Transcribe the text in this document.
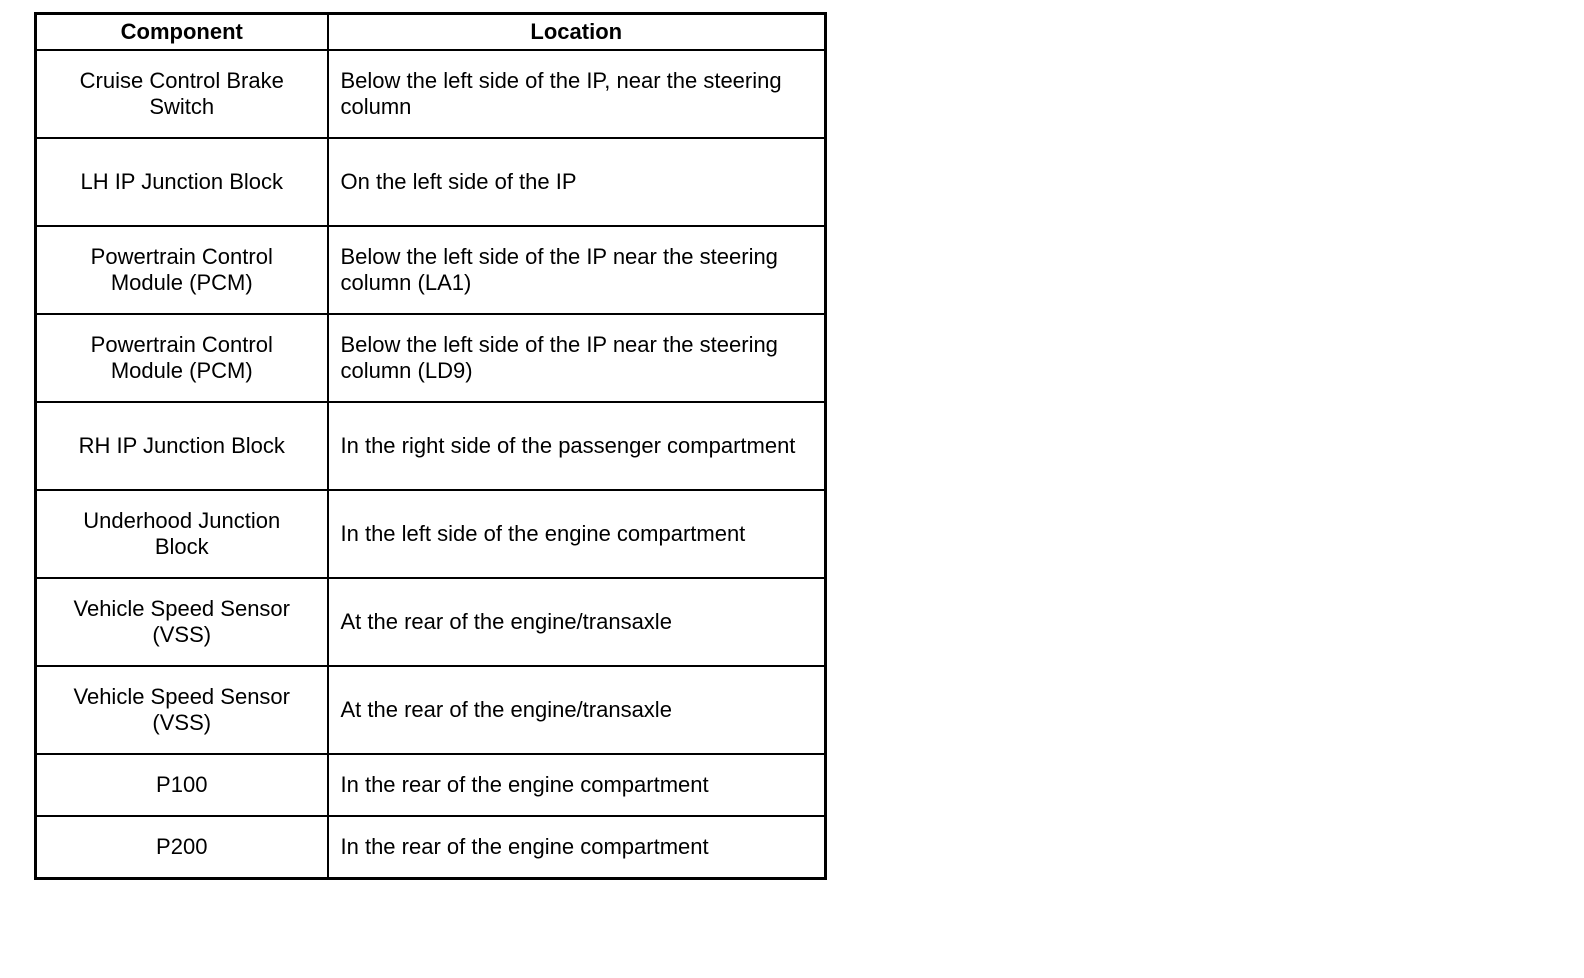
Component	Location
Cruise Control Brake Switch	Below the left side of the IP, near the steering column
LH IP Junction Block	On the left side of the IP
Powertrain Control Module (PCM)	Below the left side of the IP near the steering column (LA1)
Powertrain Control Module (PCM)	Below the left side of the IP near the steering column (LD9)
RH IP Junction Block	In the right side of the passenger compartment
Underhood Junction Block	In the left side of the engine compartment
Vehicle Speed Sensor (VSS)	At the rear of the engine/transaxle
Vehicle Speed Sensor (VSS)	At the rear of the engine/transaxle
P100	In the rear of the engine compartment
P200	In the rear of the engine compartment
